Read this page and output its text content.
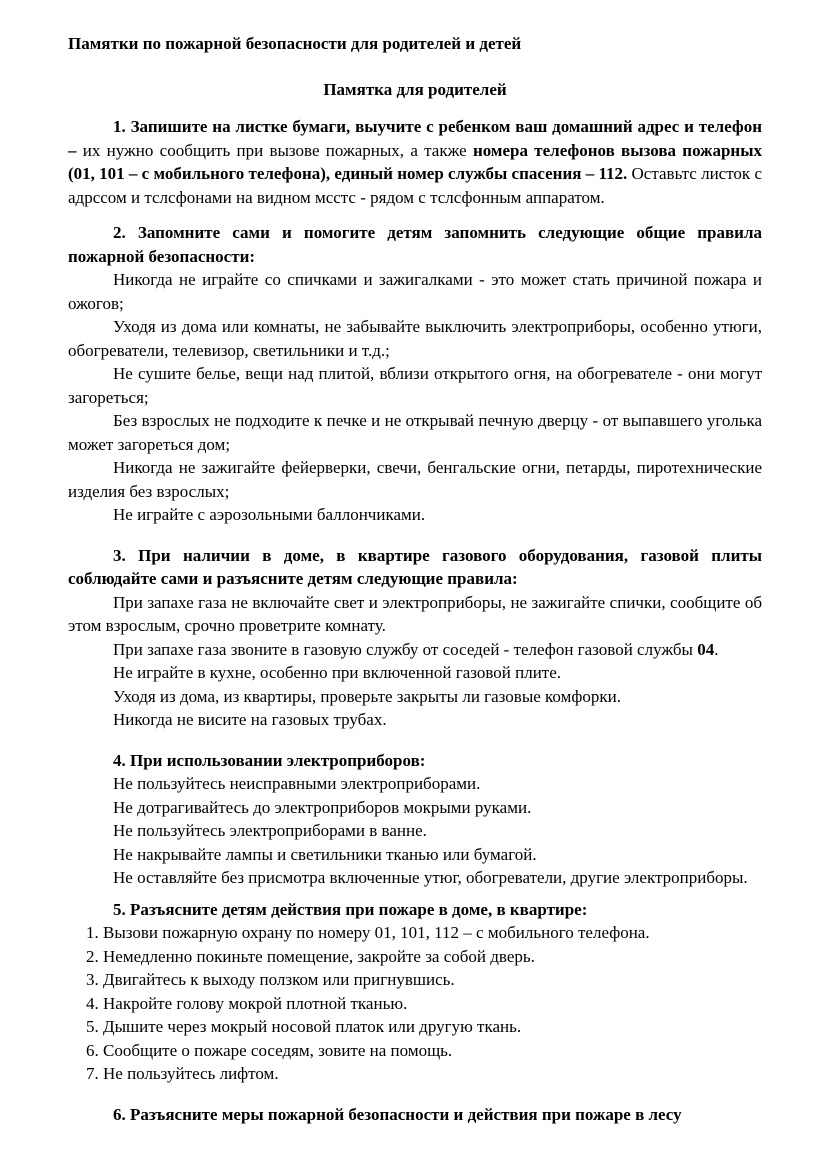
Памятки по пожарной безопасности для родителей и детей

Памятка для родителей

1. Запишите на листке бумаги, выучите с ребенком ваш домашний адрес и телефон – их нужно сообщить при вызове пожарных, а также номера телефонов вызова пожарных (01, 101 – с мобильного телефона), единый номер службы спасения – 112. Оставьтс листок с адрссом и тслсфонами на видном мсстс - рядом с тслсфонным аппаратом.

2. Запомните сами и помогите детям запомнить следующие общие правила пожарной безопасности:

Никогда не играйте со спичками и зажигалками - это может стать причиной пожара и ожогов;

Уходя из дома или комнаты, не забывайте выключить электроприборы, особенно утюги, обогреватели, телевизор, светильники и т.д.;

Не сушите белье, вещи над плитой, вблизи открытого огня, на обогревателе - они могут загореться;

Без взрослых не подходите к печке и не открывай печную дверцу - от выпавшего уголька может загореться дом;

Никогда не зажигайте фейерверки, свечи, бенгальские огни, петарды, пиротехнические изделия без взрослых;

Не играйте с аэрозольными баллончиками.

3. При наличии в доме, в квартире газового оборудования, газовой плиты соблюдайте сами и разъясните детям следующие правила:

При запахе газа не включайте свет и электроприборы, не зажигайте спички, сообщите об этом взрослым, срочно проветрите комнату.

При запахе газа звоните в газовую службу от соседей - телефон газовой службы 04.

Не играйте в кухне, особенно при включенной газовой плите.

Уходя из дома, из квартиры, проверьте закрыты ли газовые комфорки.

Никогда не висите на газовых трубах.

4. При использовании электроприборов:

Не пользуйтесь неисправными электроприборами.

Не дотрагивайтесь до электроприборов мокрыми руками.

Не пользуйтесь электроприборами в ванне.

Не накрывайте лампы и светильники тканью или бумагой.

Не оставляйте без присмотра включенные утюг, обогреватели, другие электроприборы.

5. Разъясните детям действия при пожаре в доме, в квартире:

1. Вызови пожарную охрану по номеру 01, 101, 112 – с мобильного телефона.
2. Немедленно покиньте помещение, закройте за собой дверь.
3. Двигайтесь к выходу ползком или пригнувшись.
4. Накройте голову мокрой плотной тканью.
5. Дышите через мокрый носовой платок или другую ткань.
6. Сообщите о пожаре соседям, зовите на помощь.
7. Не пользуйтесь лифтом.

6. Разъясните меры пожарной безопасности и действия при пожаре в лесу
